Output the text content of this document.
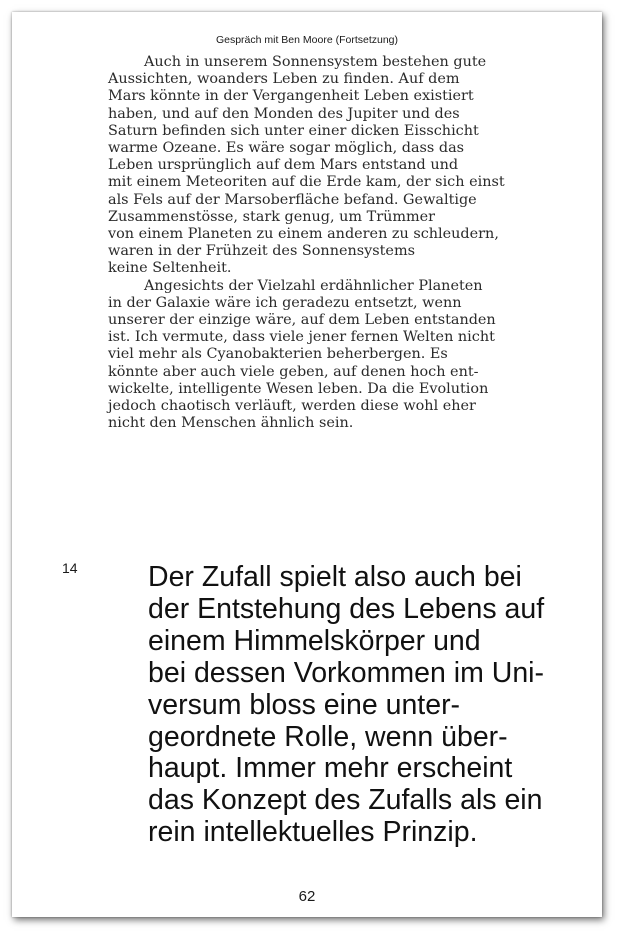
Gespräch mit Ben Moore (Fortsetzung)
Auch in unserem Sonnensystem bestehen gute
Aussichten, woanders Leben zu finden. Auf dem
Mars könnte in der Vergangenheit Leben existiert
haben, und auf den Monden des Jupiter und des
Saturn befinden sich unter einer dicken Eisschicht
warme Ozeane. Es wäre sogar möglich, dass das
Leben ursprünglich auf dem Mars entstand und
mit einem Meteoriten auf die Erde kam, der sich einst
als Fels auf der Marsoberfläche befand. Gewaltige
Zusammenstösse, stark genug, um Trümmer
von einem Planeten zu einem anderen zu schleudern,
waren in der Frühzeit des Sonnensystems
keine Seltenheit.
Angesichts der Vielzahl erdähnlicher Planeten
in der Galaxie wäre ich geradezu entsetzt, wenn
unserer der einzige wäre, auf dem Leben entstanden
ist. Ich vermute, dass viele jener fernen Welten nicht
viel mehr als Cyanobakterien beherbergen. Es
könnte aber auch viele geben, auf denen hoch ent-
wickelte, intelligente Wesen leben. Da die Evolution
jedoch chaotisch verläuft, werden diese wohl eher
nicht den Menschen ähnlich sein.
14 Der Zufall spielt also auch bei
der Entstehung des Lebens auf
einem Himmelskörper und
bei dessen Vorkommen im Uni-
versum bloss eine unter-
geordnete Rolle, wenn über-
haupt. Immer mehr erscheint
das Konzept des Zufalls als ein
rein intellektuelles Prinzip.
62
